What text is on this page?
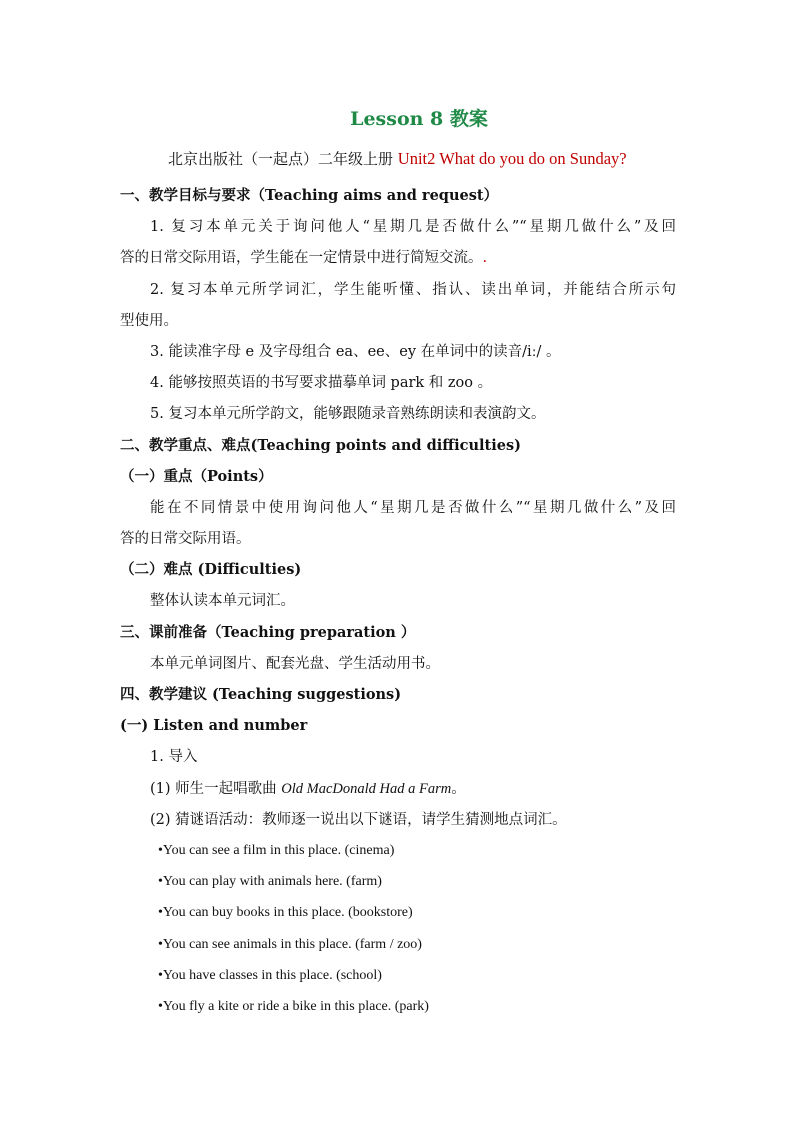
Lesson 8 教案
北京出版社（一起点）二年级上册 Unit2 What do you do on Sunday?
一、教学目标与要求（Teaching aims and request）
1. 复习本单元关于询问他人“星期几是否做什么”“星期几做什么”及回
答的日常交际用语，学生能在一定情景中进行简短交流。.
2. 复习本单元所学词汇，学生能听懂、指认、读出单词，并能结合所示句
型使用。
3. 能读准字母 e 及字母组合 ea、ee、ey 在单词中的读音/iː/ 。
4. 能够按照英语的书写要求描摹单词 park 和 zoo 。
5. 复习本单元所学韵文，能够跟随录音熟练朗读和表演韵文。
二、教学重点、难点(Teaching points and difficulties)
（一）重点（Points）
能在不同情景中使用询问他人“星期几是否做什么”“星期几做什么”及回
答的日常交际用语。
（二）难点 (Difficulties)
整体认读本单元词汇。
三、课前准备（Teaching preparation ）
本单元单词图片、配套光盘、学生活动用书。
四、教学建议 (Teaching suggestions)
(一) Listen and number
1. 导入
(1) 师生一起唱歌曲 Old MacDonald Had a Farm。
(2) 猜谜语活动：教师逐一说出以下谜语，请学生猜测地点词汇。
•You can see a film in this place. (cinema)
•You can play with animals here. (farm)
•You can buy books in this place. (bookstore)
•You can see animals in this place. (farm / zoo)
•You have classes in this place. (school)
•You fly a kite or ride a bike in this place. (park)
